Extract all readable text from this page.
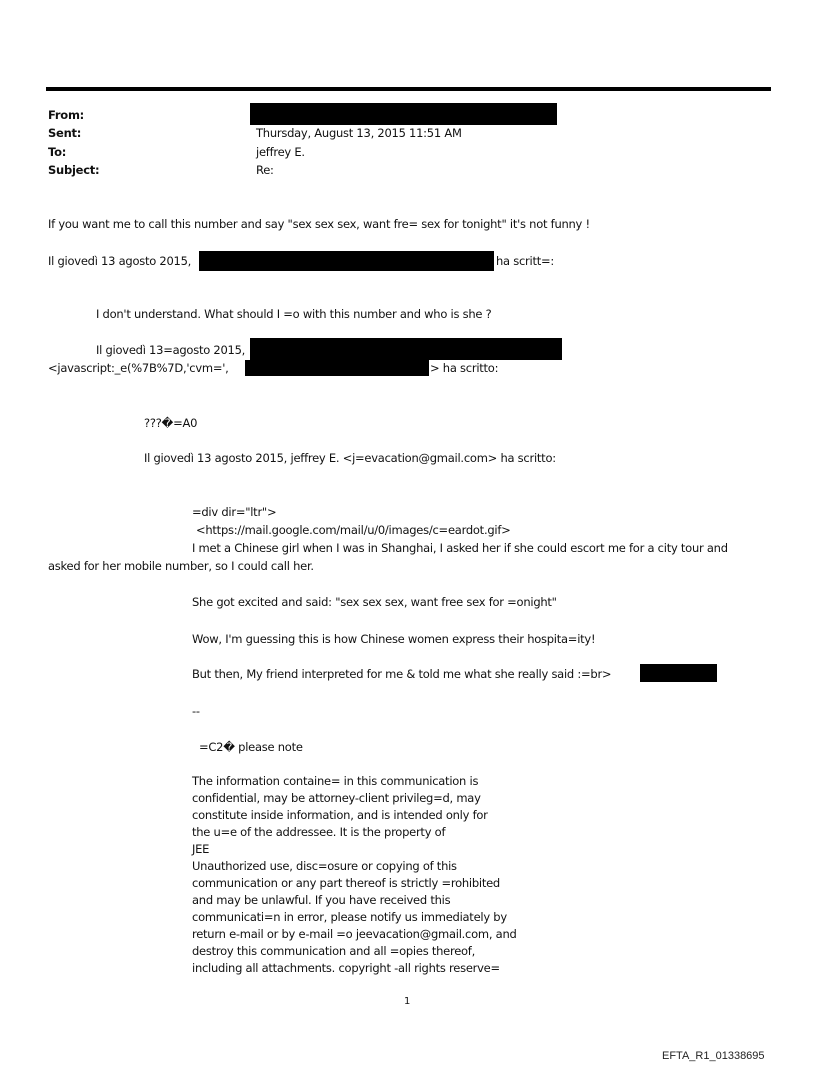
From:
Sent:	Thursday, August 13, 2015 11:51 AM
To:	jeffrey E.
Subject:	Re:
If you want me to call this number and say "sex sex sex, want fre= sex for tonight" it's not funny !
Il giovedì 13 agosto 2015,	ha scritt=:
I don't understand. What should I =o with this number and who is she ?
Il giovedì 13=agosto 2015,
<javascript:_e(%7B%7D,'cvm=',	> ha scritto:
???�=A0
Il giovedì 13 agosto 2015, jeffrey E. <j=evacation@gmail.com> ha scritto:
=div dir="ltr">
<https://mail.google.com/mail/u/0/images/c=eardot.gif>
I met a Chinese girl when I was in Shanghai, I asked her if she could escort me for a city tour and
asked for her mobile number, so I could call her.
She got excited and said: "sex sex sex, want free sex for =onight"
Wow, I'm guessing this is how Chinese women express their hospita=ity!
But then, My friend interpreted for me & told me what she really said :=br>
--
=C2� please note
The information containe= in this communication is
confidential, may be attorney-client privileg=d, may
constitute inside information, and is intended only for
the u=e of the addressee. It is the property of
JEE
Unauthorized use, disc=osure or copying of this
communication or any part thereof is strictly =rohibited
and may be unlawful. If you have received this
communicati=n in error, please notify us immediately by
return e-mail or by e-mail =o jeevacation@gmail.com, and
destroy this communication and all =opies thereof,
including all attachments. copyright -all rights reserve=
1
EFTA_R1_01338695
